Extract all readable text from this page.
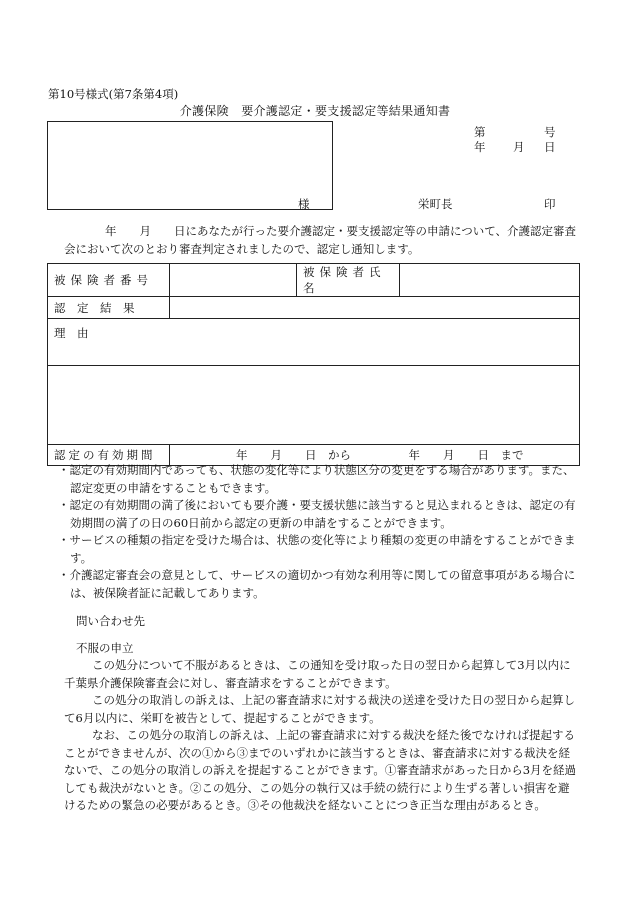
第10号様式(第7条第4項)
介護保険　要介護認定・要支援認定等結果通知書
様
第	号
年 月 日
栄町長	印
年　　月　　日にあなたが行った要介護認定・要支援認定等の申請について、介護認定審査会において次のとおり審査判定されましたので、認定し通知します。
被保険者番号		被保険者氏名	
認　定　結　果			
理　由			

認定の有効期間	年　　月　　日　から　　　　　年　　月　　日　まで		

・認定の有効期間内であっても、状態の変化等により状態区分の変更をする場合があります。また、認定変更の申請をすることもできます。

・認定の有効期間の満了後においても要介護・要支援状態に該当すると見込まれるときは、認定の有効期間の満了の日の60日前から認定の更新の申請をすることができます。

・サービスの種類の指定を受けた場合は、状態の変化等により種類の変更の申請をすることができます。

・介護認定審査会の意見として、サービスの適切かつ有効な利用等に関しての留意事項がある場合には、被保険者証に記載してあります。

問い合わせ先
不服の申立
この処分について不服があるときは、この通知を受け取った日の翌日から起算して3月以内に千葉県介護保険審査会に対し、審査請求をすることができます。
この処分の取消しの訴えは、上記の審査請求に対する裁決の送達を受けた日の翌日から起算して6月以内に、栄町を被告として、提起することができます。
なお、この処分の取消しの訴えは、上記の審査請求に対する裁決を経た後でなければ提起することができませんが、次の①から③までのいずれかに該当するときは、審査請求に対する裁決を経ないで、この処分の取消しの訴えを提起することができます。①審査請求があった日から3月を経過しても裁決がないとき。②この処分、この処分の執行又は手続の続行により生ずる著しい損害を避けるための緊急の必要があるとき。③その他裁決を経ないことにつき正当な理由があるとき。
